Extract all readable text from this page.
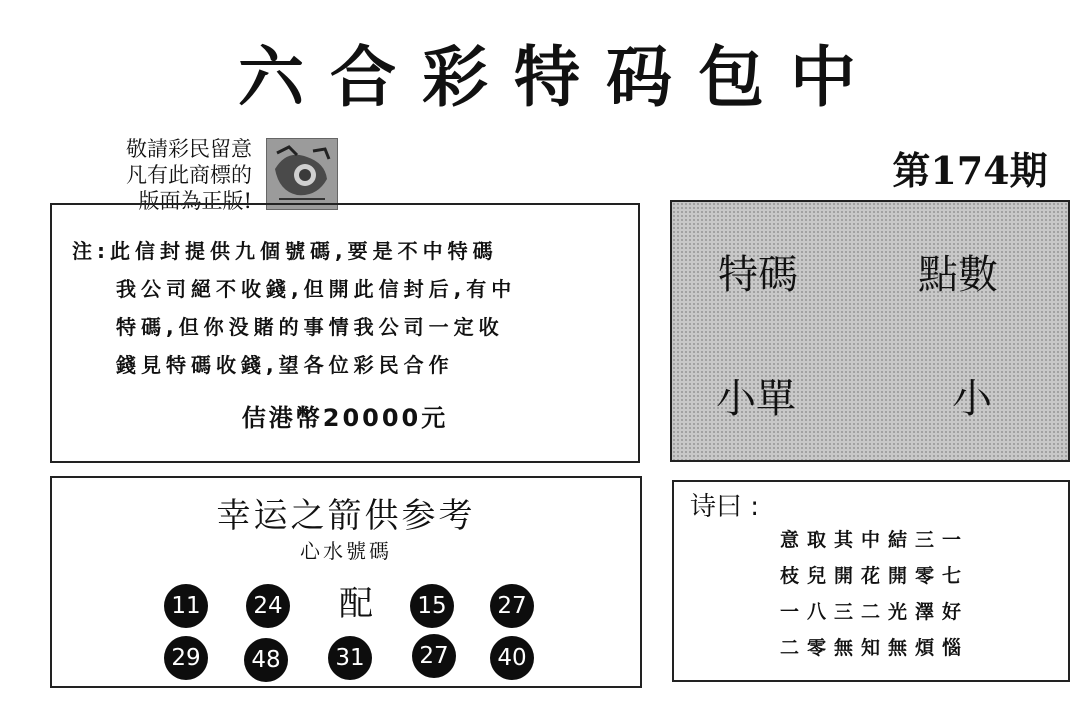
六合彩特码包中
敬請彩民留意
凡有此商標的
版面為正版!
第174期
注:此信封提供九個號碼,要是不中特碼
我公司絕不收錢,但開此信封后,有中
特碼,但你没賭的事情我公司一定收
錢見特碼收錢,望各位彩民合作
佶港幣20000元
特碼	點數
小單	小
幸运之箭供参考
心水號碼
11	24	配	15	27
29	48	31	27	40
诗曰 :
意取其中結三一
枝兒開花開零七
一八三二光澤好
二零無知無煩惱
